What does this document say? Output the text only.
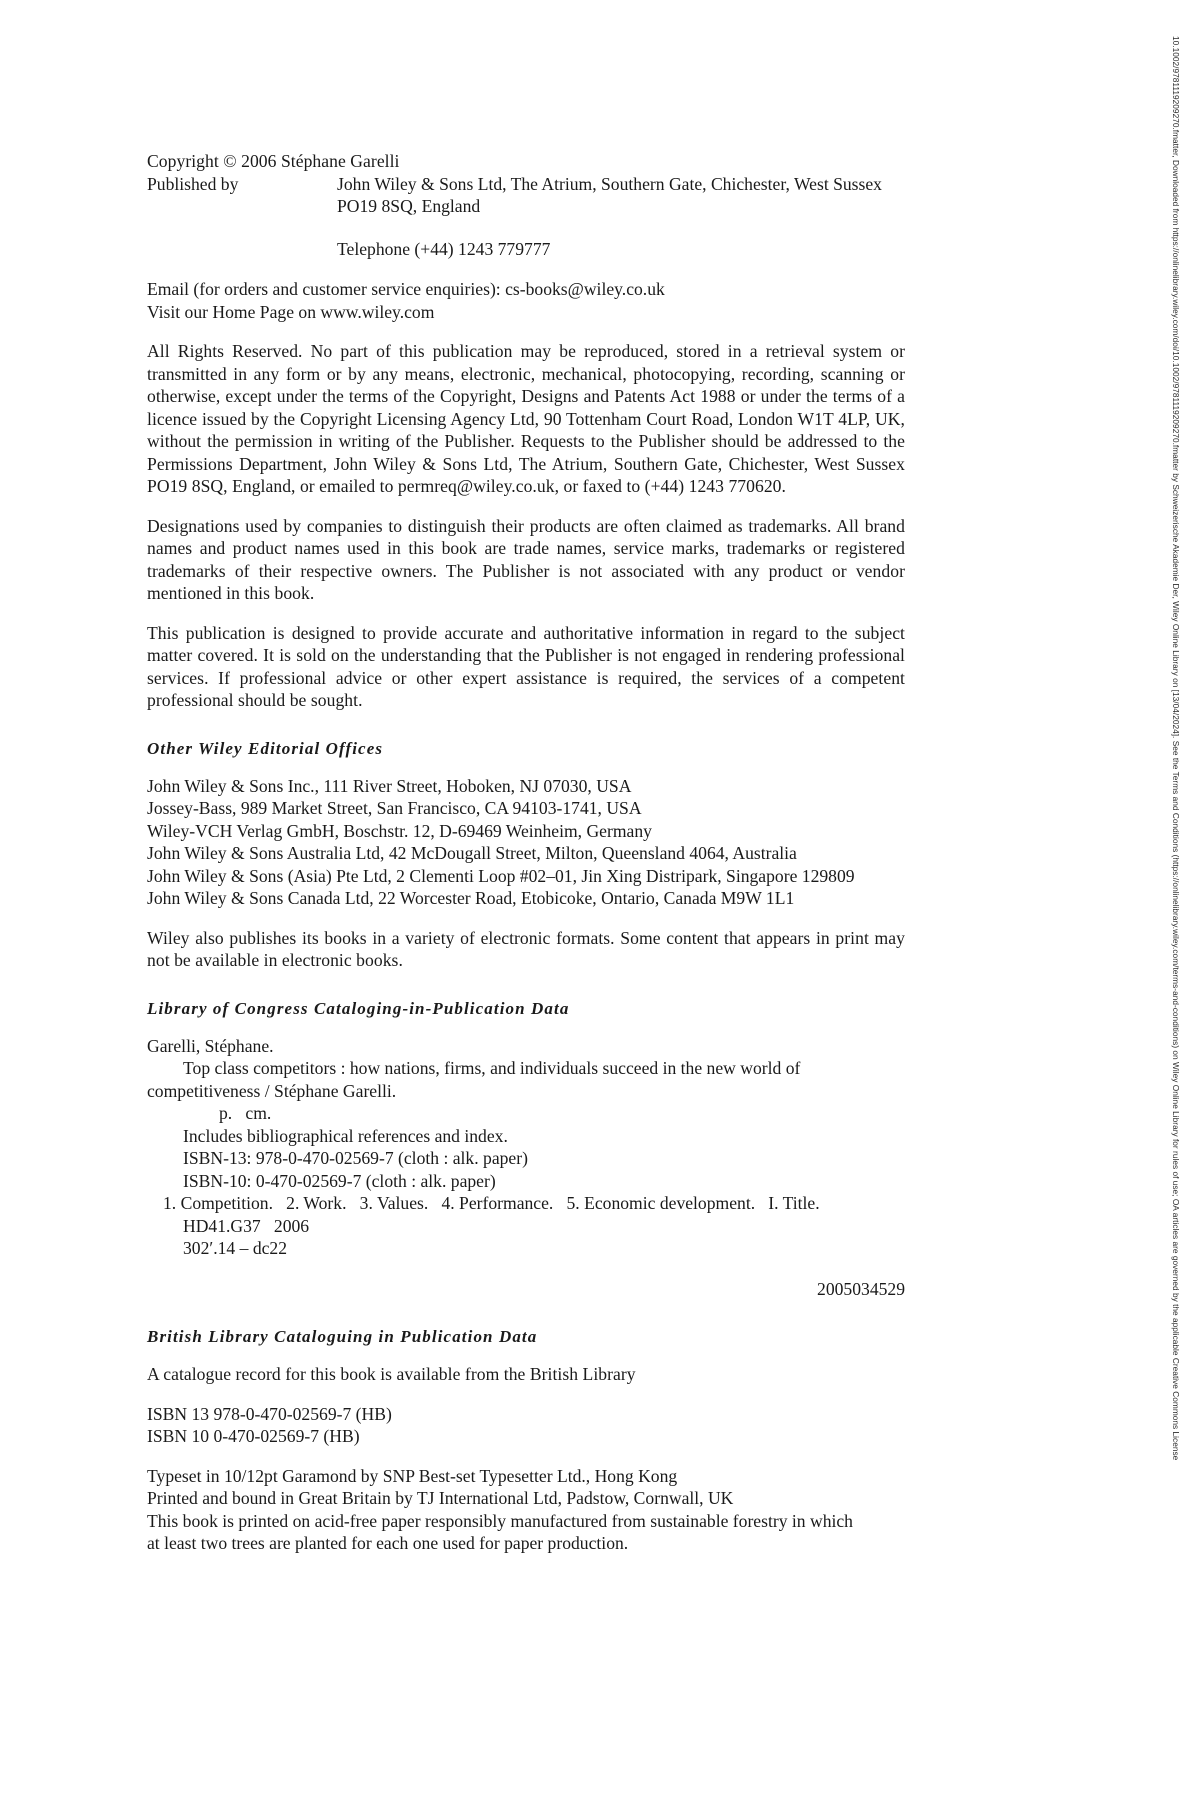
Copyright © 2006 Stéphane Garelli
Published by	John Wiley & Sons Ltd, The Atrium, Southern Gate, Chichester, West Sussex
PO19 8SQ, England
Telephone (+44) 1243 779777
Email (for orders and customer service enquiries): cs-books@wiley.co.uk
Visit our Home Page on www.wiley.com

All Rights Reserved. No part of this publication may be reproduced, stored in a retrieval system or transmitted in any form or by any means, electronic, mechanical, photocopying, recording, scanning or otherwise, except under the terms of the Copyright, Designs and Patents Act 1988 or under the terms of a licence issued by the Copyright Licensing Agency Ltd, 90 Tottenham Court Road, London W1T 4LP, UK, without the permission in writing of the Publisher. Requests to the Publisher should be addressed to the Permissions Department, John Wiley & Sons Ltd, The Atrium, Southern Gate, Chichester, West Sussex PO19 8SQ, England, or emailed to permreq@wiley.co.uk, or faxed to (+44) 1243 770620.

Designations used by companies to distinguish their products are often claimed as trademarks. All brand names and product names used in this book are trade names, service marks, trademarks or registered trademarks of their respective owners. The Publisher is not associated with any product or vendor mentioned in this book.

This publication is designed to provide accurate and authoritative information in regard to the subject matter covered. It is sold on the understanding that the Publisher is not engaged in rendering professional services. If professional advice or other expert assistance is required, the services of a competent professional should be sought.

Other Wiley Editorial Offices
John Wiley & Sons Inc., 111 River Street, Hoboken, NJ 07030, USA
Jossey-Bass, 989 Market Street, San Francisco, CA 94103-1741, USA
Wiley-VCH Verlag GmbH, Boschstr. 12, D-69469 Weinheim, Germany
John Wiley & Sons Australia Ltd, 42 McDougall Street, Milton, Queensland 4064, Australia
John Wiley & Sons (Asia) Pte Ltd, 2 Clementi Loop #02–01, Jin Xing Distripark, Singapore 129809
John Wiley & Sons Canada Ltd, 22 Worcester Road, Etobicoke, Ontario, Canada M9W 1L1

Wiley also publishes its books in a variety of electronic formats. Some content that appears in print may not be available in electronic books.

Library of Congress Cataloging-in-Publication Data
Garelli, Stéphane.
Top class competitors : how nations, firms, and individuals succeed in the new world of
competitiveness / Stéphane Garelli.
p.   cm.
Includes bibliographical references and index.
ISBN-13: 978-0-470-02569-7 (cloth : alk. paper)
ISBN-10: 0-470-02569-7 (cloth : alk. paper)
1. Competition.   2. Work.   3. Values.   4. Performance.   5. Economic development.   I. Title.
HD41.G37   2006
302′.14 – dc22
2005034529
British Library Cataloguing in Publication Data

A catalogue record for this book is available from the British Library

ISBN 13 978-0-470-02569-7 (HB)
ISBN 10 0-470-02569-7 (HB)
Typeset in 10/12pt Garamond by SNP Best-set Typesetter Ltd., Hong Kong
Printed and bound in Great Britain by TJ International Ltd, Padstow, Cornwall, UK
This book is printed on acid-free paper responsibly manufactured from sustainable forestry in which
at least two trees are planted for each one used for paper production.
10.1002/9781119209270.fmatter, Downloaded from https://onlinelibrary.wiley.com/doi/10.1002/9781119209270.fmatter by Schweizerische Akademie Der, Wiley Online Library on [13/04/2024]. See the Terms and Conditions (https://onlinelibrary.wiley.com/terms-and-conditions) on Wiley Online Library for rules of use; OA articles are governed by the applicable Creative Commons License
